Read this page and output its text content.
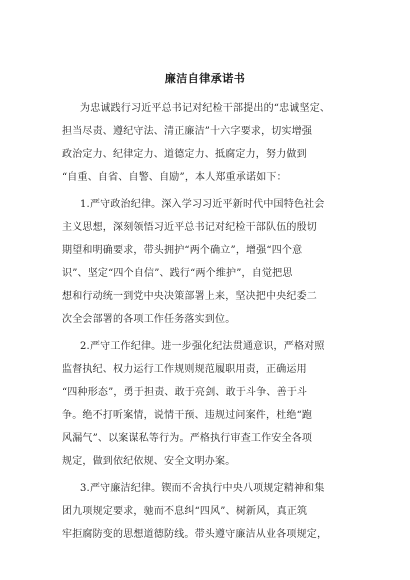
廉洁自律承诺书
为忠诚践行习近平总书记对纪检干部提出的“忠诚坚定、
担当尽责、遵纪守法、清正廉洁”十六字要求，切实增强
政治定力、纪律定力、道德定力、抵腐定力，努力做到
“自重、自省、自警、自励”，本人郑重承诺如下：
1.严守政治纪律。深入学习习近平新时代中国特色社会
主义思想，深刻领悟习近平总书记对纪检干部队伍的殷切
期望和明确要求，带头拥护“两个确立”，增强“四个意
识”、坚定“四个自信”、践行“两个维护”，自觉把思
想和行动统一到党中央决策部署上来，坚决把中央纪委二
次全会部署的各项工作任务落实到位。
2.严守工作纪律。进一步强化纪法贯通意识，严格对照
监督执纪、权力运行工作规则规范履职用责，正确运用
“四种形态”，勇于担责、敢于亮剑、敢于斗争、善于斗
争。绝不打听案情，说情干预、违规过问案件，杜绝“跑
风漏气”、以案谋私等行为。严格执行审查工作安全各项
规定，做到依纪依规、安全文明办案。
3.严守廉洁纪律。锲而不舍执行中央八项规定精神和集
团九项规定要求，驰而不息纠“四风”、树新风，真正筑
牢拒腐防变的思想道德防线。带头遵守廉洁从业各项规定，
